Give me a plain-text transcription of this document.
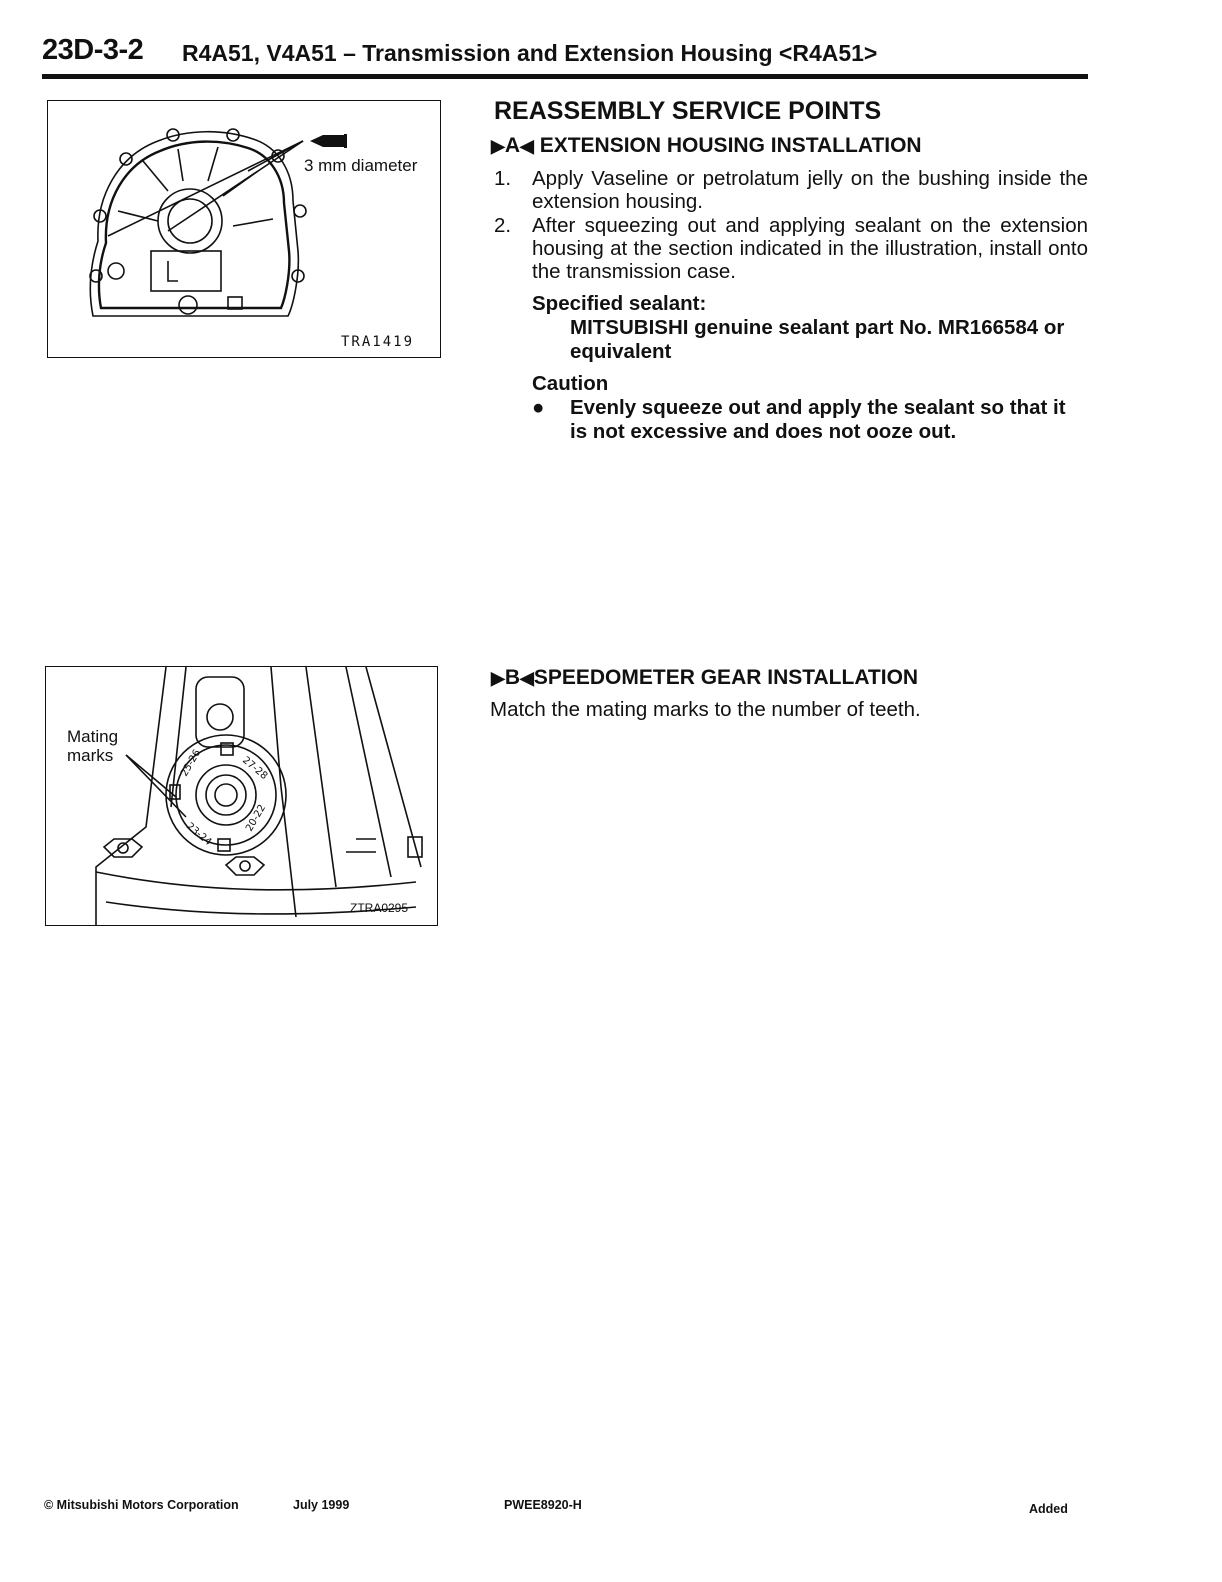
23D-3-2 R4A51, V4A51 – Transmission and Extension Housing <R4A51>
3 mm diameter
TRA1419
25-26	27-28
20-22
23-24
Mating marks
ZTRA0295
REASSEMBLY SERVICE POINTS
▶A◀ EXTENSION HOUSING INSTALLATION
1. Apply Vaseline or petrolatum jelly on the bushing inside the extension housing.
2. After squeezing out and applying sealant on the extension housing at the section indicated in the illustration, install onto the transmission case.
Specified sealant:
MITSUBISHI genuine sealant part No. MR166584 or equivalent
Caution
● Evenly squeeze out and apply the sealant so that it is not excessive and does not ooze out.
▶B◀SPEEDOMETER GEAR INSTALLATION
Match the mating marks to the number of teeth.
© Mitsubishi Motors Corporation	July 1999	PWEE8920-H	Added
